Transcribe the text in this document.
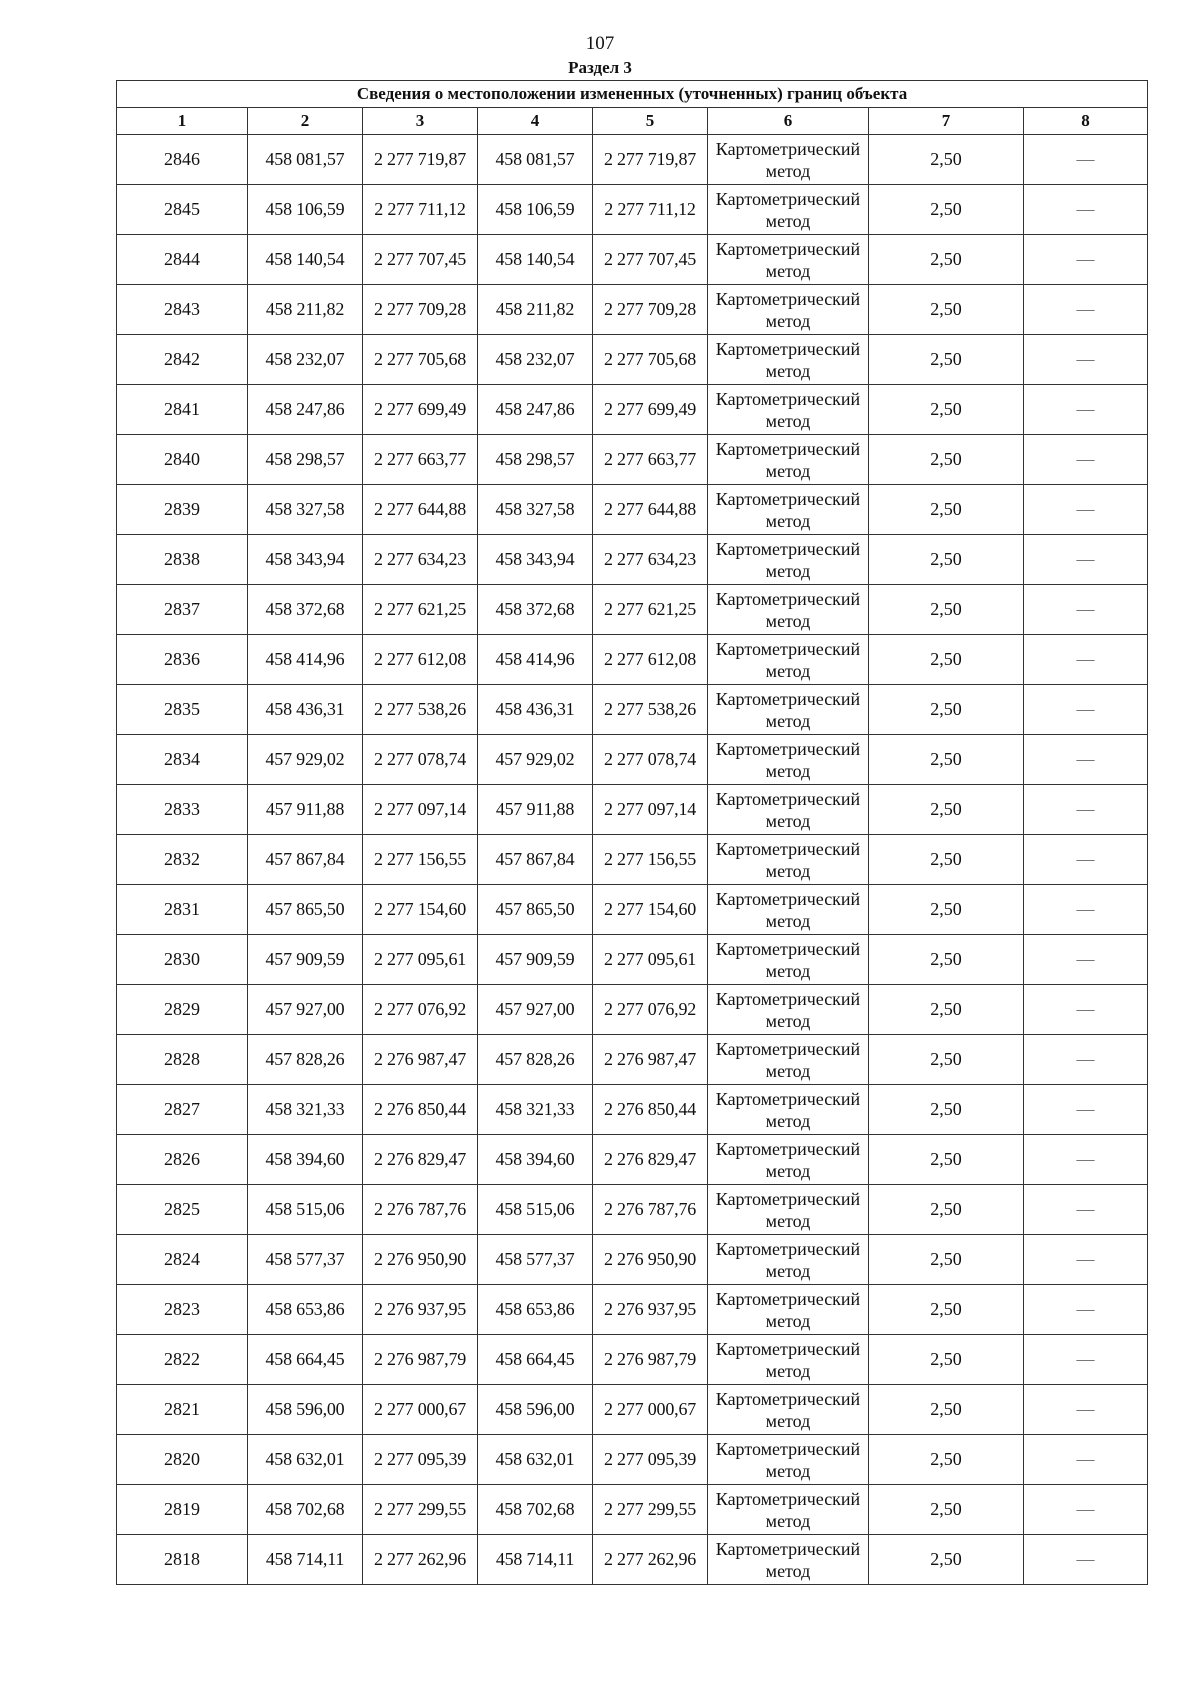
107
Раздел 3
Сведения о местоположении измененных (уточненных) границ объекта							
1	2	3	4	5	6	7	8
2846	458 081,57	2 277 719,87	458 081,57	2 277 719,87	Картометрический метод	2,50	—
2845	458 106,59	2 277 711,12	458 106,59	2 277 711,12	Картометрический метод	2,50	—
2844	458 140,54	2 277 707,45	458 140,54	2 277 707,45	Картометрический метод	2,50	—
2843	458 211,82	2 277 709,28	458 211,82	2 277 709,28	Картометрический метод	2,50	—
2842	458 232,07	2 277 705,68	458 232,07	2 277 705,68	Картометрический метод	2,50	—
2841	458 247,86	2 277 699,49	458 247,86	2 277 699,49	Картометрический метод	2,50	—
2840	458 298,57	2 277 663,77	458 298,57	2 277 663,77	Картометрический метод	2,50	—
2839	458 327,58	2 277 644,88	458 327,58	2 277 644,88	Картометрический метод	2,50	—
2838	458 343,94	2 277 634,23	458 343,94	2 277 634,23	Картометрический метод	2,50	—
2837	458 372,68	2 277 621,25	458 372,68	2 277 621,25	Картометрический метод	2,50	—
2836	458 414,96	2 277 612,08	458 414,96	2 277 612,08	Картометрический метод	2,50	—
2835	458 436,31	2 277 538,26	458 436,31	2 277 538,26	Картометрический метод	2,50	—
2834	457 929,02	2 277 078,74	457 929,02	2 277 078,74	Картометрический метод	2,50	—
2833	457 911,88	2 277 097,14	457 911,88	2 277 097,14	Картометрический метод	2,50	—
2832	457 867,84	2 277 156,55	457 867,84	2 277 156,55	Картометрический метод	2,50	—
2831	457 865,50	2 277 154,60	457 865,50	2 277 154,60	Картометрический метод	2,50	—
2830	457 909,59	2 277 095,61	457 909,59	2 277 095,61	Картометрический метод	2,50	—
2829	457 927,00	2 277 076,92	457 927,00	2 277 076,92	Картометрический метод	2,50	—
2828	457 828,26	2 276 987,47	457 828,26	2 276 987,47	Картометрический метод	2,50	—
2827	458 321,33	2 276 850,44	458 321,33	2 276 850,44	Картометрический метод	2,50	—
2826	458 394,60	2 276 829,47	458 394,60	2 276 829,47	Картометрический метод	2,50	—
2825	458 515,06	2 276 787,76	458 515,06	2 276 787,76	Картометрический метод	2,50	—
2824	458 577,37	2 276 950,90	458 577,37	2 276 950,90	Картометрический метод	2,50	—
2823	458 653,86	2 276 937,95	458 653,86	2 276 937,95	Картометрический метод	2,50	—
2822	458 664,45	2 276 987,79	458 664,45	2 276 987,79	Картометрический метод	2,50	—
2821	458 596,00	2 277 000,67	458 596,00	2 277 000,67	Картометрический метод	2,50	—
2820	458 632,01	2 277 095,39	458 632,01	2 277 095,39	Картометрический метод	2,50	—
2819	458 702,68	2 277 299,55	458 702,68	2 277 299,55	Картометрический метод	2,50	—
2818	458 714,11	2 277 262,96	458 714,11	2 277 262,96	Картометрический метод	2,50	—
